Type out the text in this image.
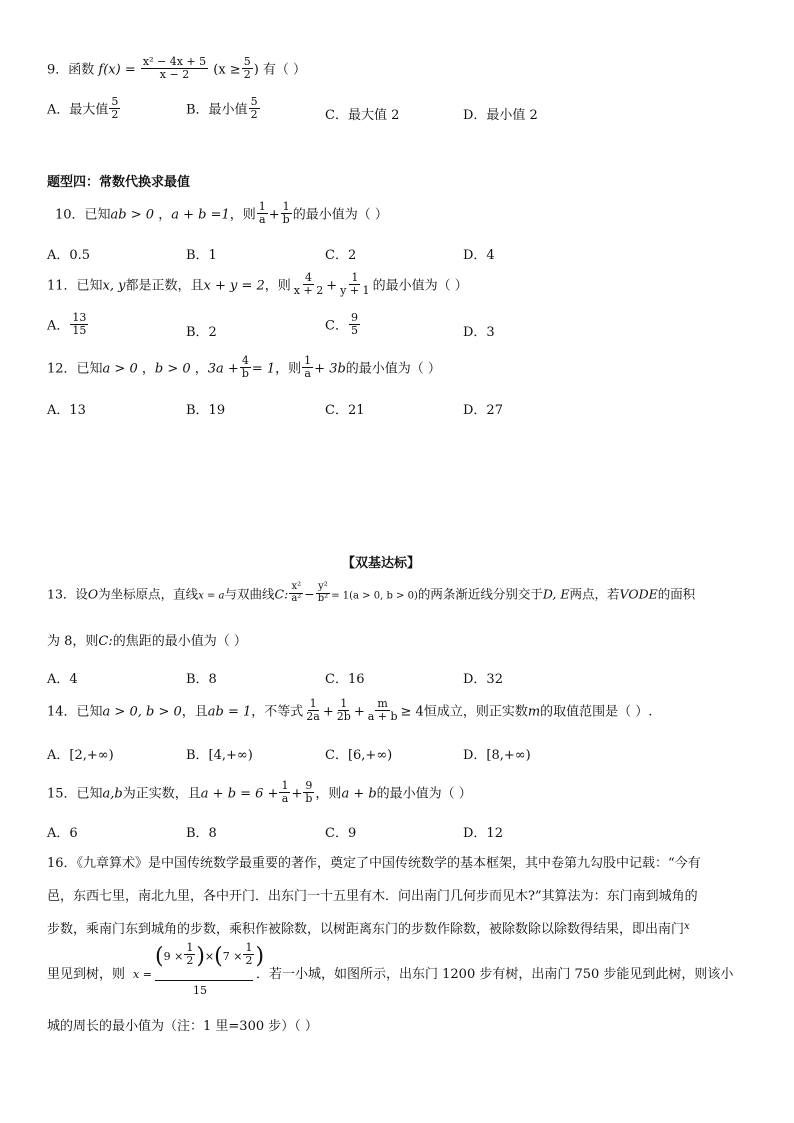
9．函数 $f(x) = \frac{\text{x² − 4x + 5}}{x - 2} (x \ge \frac{5}{2}$ ) 有（ ）
A．最大值 $\frac{5}{2}$	B．最小值 $\frac{5}{2}$	C．最大值 2	D．最小值 2
题型四：常数代换求最值
10．已知ab > 0 ，a + b =1，则 $\frac{1}{a} + \frac{1}{b}$ 的最小值为（ ）
A．0.5	B．1	C．2	D．4
11．已知x, y都是正数，且x + y = 2，则 $\frac{4}{x + 2} + \frac{1}{y + 1}$ 的最小值为（ ）
A． $\frac{13}{15}$	B．2	C． $\frac{9}{5}$	D．3
12．已知a > 0 ，b > 0 ，$3a + \frac{4}{b} = 1$，则 $\frac{1}{a} + 3b$的最小值为（ ）
A．13	B．19	C．21	D．27
【双基达标】
13．设O为坐标原点，直线x = a与双曲线C: $\frac{\text{x²}}{\text{a²}} - \frac{\text{y²}}{\text{b²}} = 1(a > 0$, b > 0)的两条渐近线分别交于D, E两点，若VODE的面积
为 8，则C:的焦距的最小值为（ ）
A．4	B．8	C．16	D．32
14．已知a > 0, b > 0，且ab = 1，不等式 $\frac{1}{2a} + \frac{1}{2b} + \frac{m}{a + b} \ge 4$恒成立，则正实数m的取值范围是（ ）.
A．[2,+∞)	B．[4,+∞)	C．[6,+∞)	D．[8,+∞)
15．已知a,b为正实数，且$a + b = 6 + \frac{1}{a} + \frac{9}{b}$ ，则a + b的最小值为（ ）
A．6	B．8	C．9	D．12
16．《九章算术》是中国传统数学最重要的著作，奠定了中国传统数学的基本框架，其中卷第九勾股中记载：“今有
邑，东西七里，南北九里，各中开门．出东门一十五里有木．问出南门几何步而见木?”其算法为：东门南到城角的
步数，乘南门东到城角的步数，乘积作被除数，以树距离东门的步数作除数，被除数除以除数得结果，即出南门$^x$
里见到树，则 x =
$(9 \times \frac{1}{2} )\times(7 \times \frac{1}{2}$ )
15
．若一小城，如图所示，出东门 1200 步有树，出南门 750 步能见到此树，则该小
城的周长的最小值为（注：1 里=300 步）（ ）
